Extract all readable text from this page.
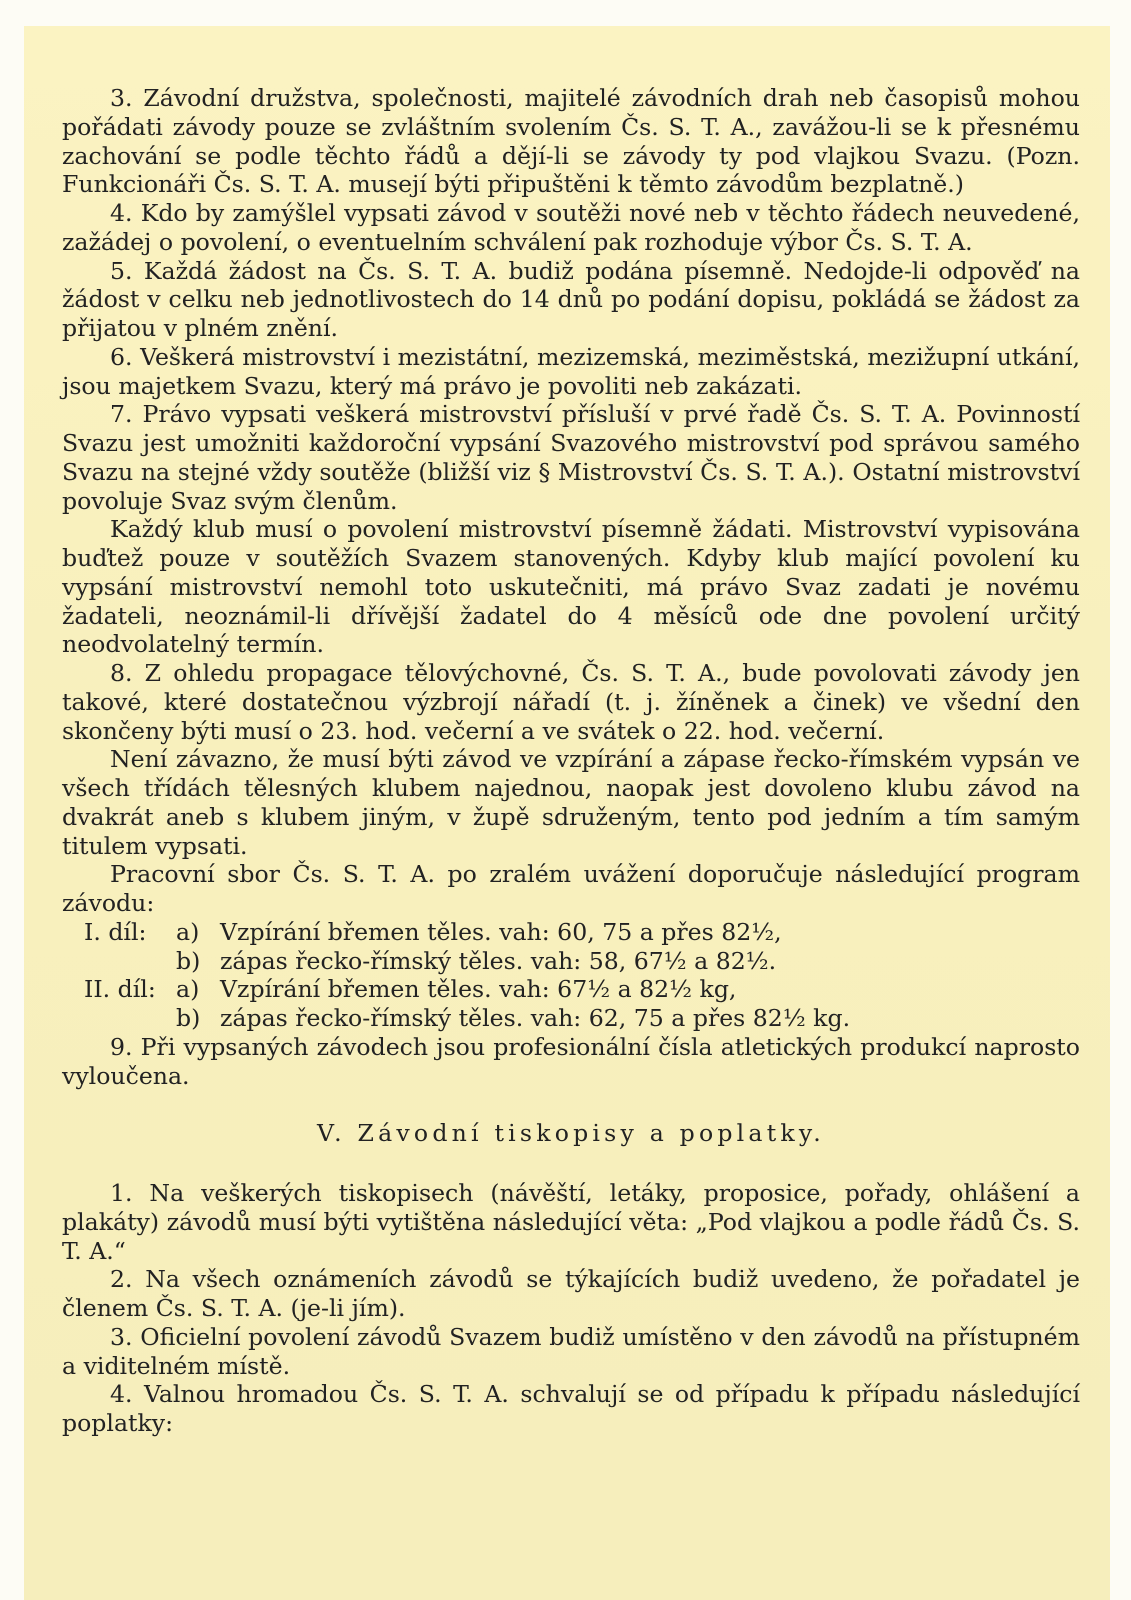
3. Závodní družstva, společnosti, majitelé závodních drah neb časopisů mohou pořádati závody pouze se zvláštním svolením Čs. S. T. A., zavážou-li se k přesnému zachování se podle těchto řádů a dějí-li se závody ty pod vlajkou Svazu. (Pozn. Funkcionáři Čs. S. T. A. musejí býti připuštěni k těmto závodům bezplatně.)

4. Kdo by zamýšlel vypsati závod v soutěži nové neb v těchto řádech neuvedené, zažádej o povolení, o eventuelním schválení pak rozhoduje výbor Čs. S. T. A.

5. Každá žádost na Čs. S. T. A. budiž podána písemně. Nedojde-li odpověď na žádost v celku neb jednotlivostech do 14 dnů po podání dopisu, pokládá se žádost za přijatou v plném znění.

6. Veškerá mistrovství i mezistátní, mezizemská, meziměstská, mezižupní utkání, jsou majetkem Svazu, který má právo je povoliti neb zakázati.

7. Právo vypsati veškerá mistrovství přísluší v prvé řadě Čs. S. T. A. Povinností Svazu jest umožniti každoroční vypsání Svazového mistrovství pod správou samého Svazu na stejné vždy soutěže (bližší viz § Mistrovství Čs. S. T. A.). Ostatní mistrovství povoluje Svaz svým členům.

Každý klub musí o povolení mistrovství písemně žádati. Mistrovství vypisována buďtež pouze v soutěžích Svazem stanovených. Kdyby klub mající povolení ku vypsání mistrovství nemohl toto uskutečniti, má právo Svaz zadati je novému žadateli, neoznámil-li dřívější žadatel do 4 měsíců ode dne povolení určitý neodvolatelný termín.

8. Z ohledu propagace tělovýchovné, Čs. S. T. A., bude povolovati závody jen takové, které dostatečnou výzbrojí nářadí (t. j. žíněnek a činek) ve všední den skončeny býti musí o 23. hod. večerní a ve svátek o 22. hod. večerní.

Není závazno, že musí býti závod ve vzpírání a zápase řecko-římském vypsán ve všech třídách tělesných klubem najednou, naopak jest dovoleno klubu závod na dvakrát aneb s klubem jiným, v župě sdruženým, tento pod jedním a tím samým titulem vypsati.

Pracovní sbor Čs. S. T. A. po zralém uvážení doporučuje následující program závodu:

I. díl: a) Vzpírání břemen těles. vah: 60, 75 a přes 82½,
b) zápas řecko-římský těles. vah: 58, 67½ a 82½.
II. díl: a) Vzpírání břemen těles. vah: 67½ a 82½ kg,
b) zápas řecko-římský těles. vah: 62, 75 a přes 82½ kg.

9. Při vypsaných závodech jsou profesionální čísla atletických produkcí naprosto vyloučena.

V. Závodní tiskopisy a poplatky.

1. Na veškerých tiskopisech (návěští, letáky, proposice, pořady, ohlášení a plakáty) závodů musí býti vytištěna následující věta: „Pod vlajkou a podle řádů Čs. S. T. A.“

2. Na všech oznámeních závodů se týkajících budiž uvedeno, že pořadatel je členem Čs. S. T. A. (je-li jím).

3. Oficielní povolení závodů Svazem budiž umístěno v den závodů na přístupném a viditelném místě.

4. Valnou hromadou Čs. S. T. A. schvalují se od případu k případu následující poplatky:
